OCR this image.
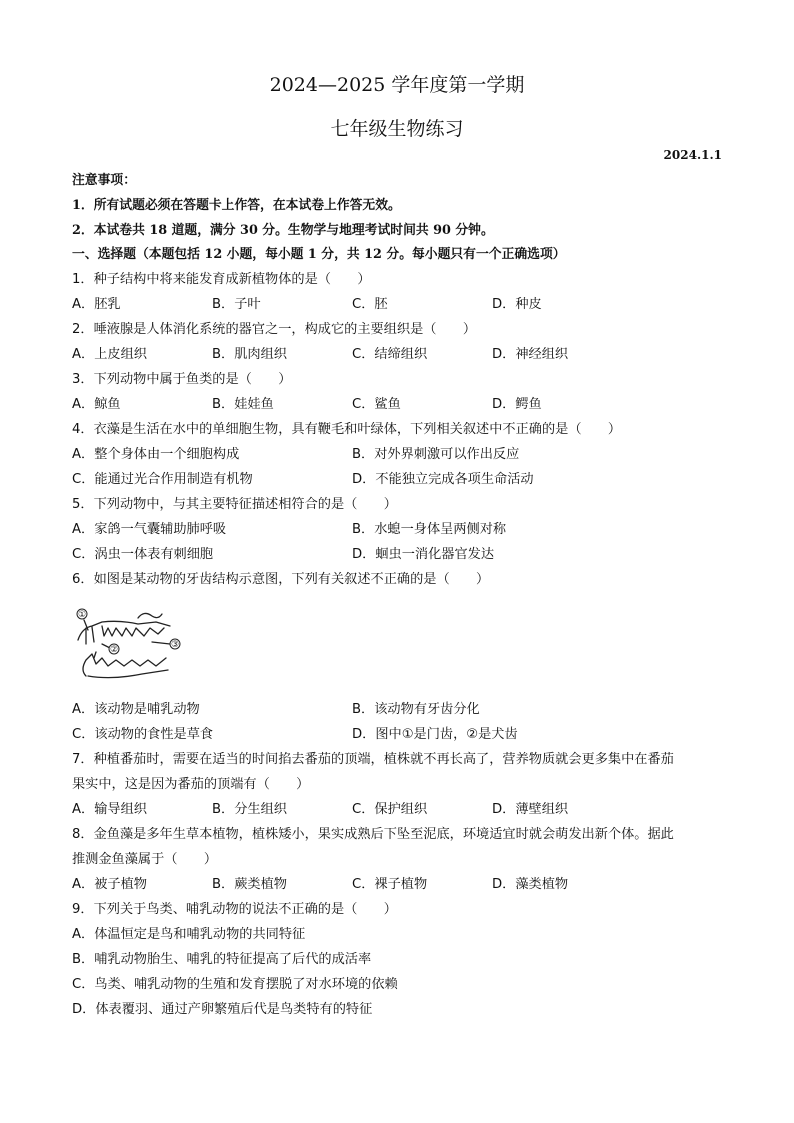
2024—2025 学年度第一学期
七年级生物练习
2024.1.1
注意事项：
1．所有试题必须在答题卡上作答，在本试卷上作答无效。
2．本试卷共 18 道题，满分 30 分。生物学与地理考试时间共 90 分钟。
一、选择题（本题包括 12 小题，每小题 1 分，共 12 分。每小题只有一个正确选项）
1．种子结构中将来能发育成新植物体的是（　　）
A．胚乳	B．子叶	C．胚	D．种皮
2．唾液腺是人体消化系统的器官之一，构成它的主要组织是（　　）
A．上皮组织	B．肌肉组织	C．结缔组织	D．神经组织
3．下列动物中属于鱼类的是（　　）
A．鲸鱼	B．娃娃鱼	C．鲨鱼	D．鳄鱼
4．衣藻是生活在水中的单细胞生物，具有鞭毛和叶绿体，下列相关叙述中不正确的是（　　）
A．整个身体由一个细胞构成	B．对外界刺激可以作出反应
C．能通过光合作用制造有机物	D．不能独立完成各项生命活动
5．下列动物中，与其主要特征描述相符合的是（　　）
A．家鸽一气囊辅助肺呼吸	B．水螅一身体呈两侧对称
C．涡虫一体表有刺细胞	D．蛔虫一消化器官发达
6．如图是某动物的牙齿结构示意图，下列有关叙述不正确的是（　　）
①
②	③
A．该动物是哺乳动物	B．该动物有牙齿分化
C．该动物的食性是草食	D．图中①是门齿，②是犬齿
7．种植番茄时，需要在适当的时间掐去番茄的顶端，植株就不再长高了，营养物质就会更多集中在番茄
果实中，这是因为番茄的顶端有（　　）
A．输导组织	B．分生组织	C．保护组织	D．薄壁组织
8．金鱼藻是多年生草本植物，植株矮小，果实成熟后下坠至泥底，环境适宜时就会萌发出新个体。据此
推测金鱼藻属于（　　）
A．被子植物	B．蕨类植物	C．裸子植物	D．藻类植物
9．下列关于鸟类、哺乳动物的说法不正确的是（　　）
A．体温恒定是鸟和哺乳动物的共同特征
B．哺乳动物胎生、哺乳的特征提高了后代的成活率
C．鸟类、哺乳动物的生殖和发育摆脱了对水环境的依赖
D．体表覆羽、通过产卵繁殖后代是鸟类特有的特征
